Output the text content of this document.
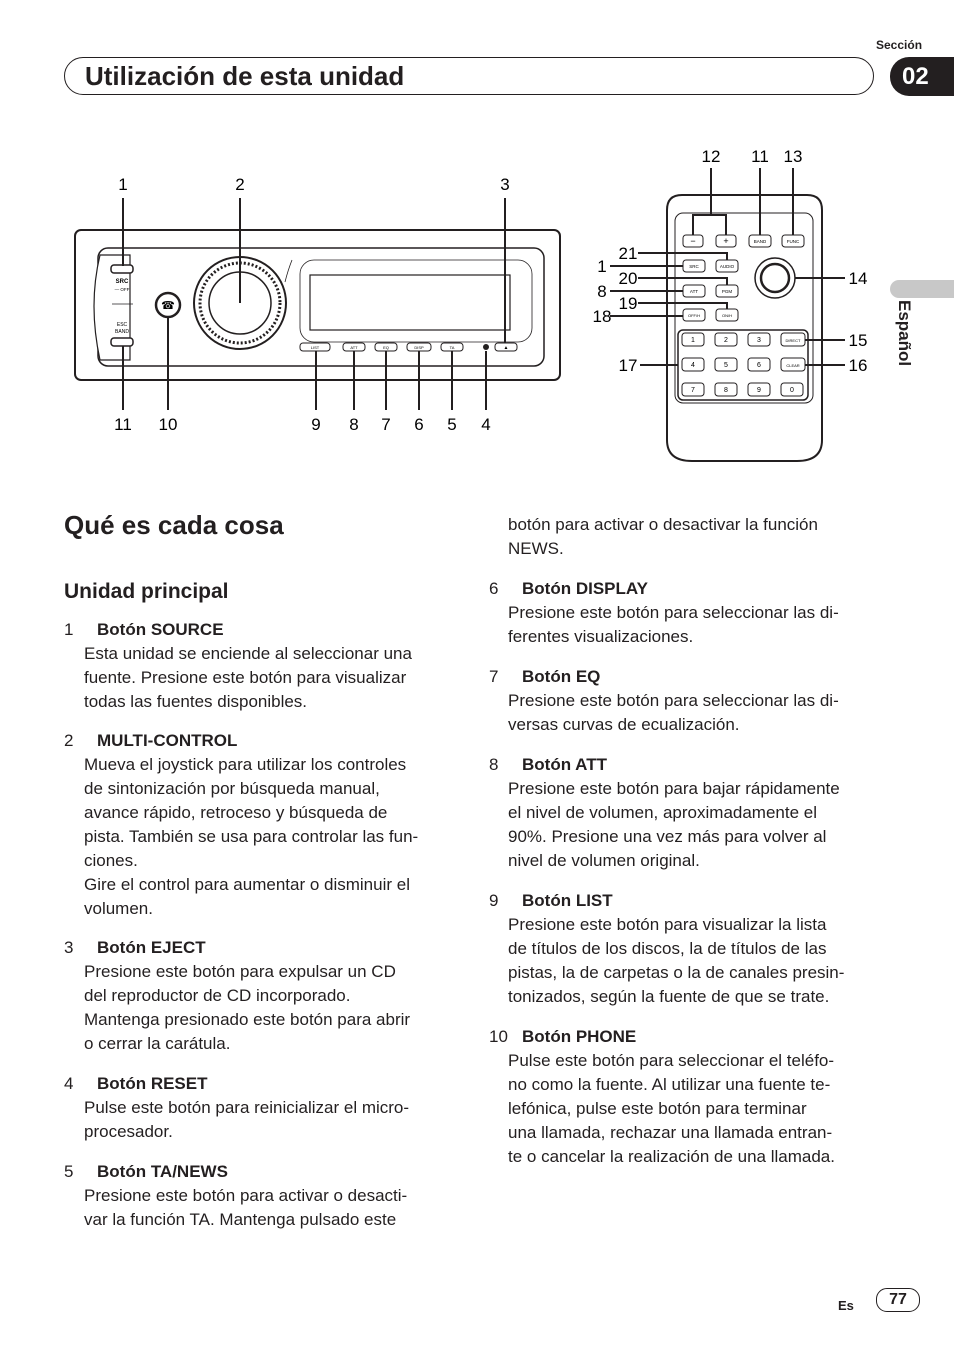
Sección
02
Utilización de esta unidad
Español
SRC
— OFF
ESC
BAND
☎
LIST	ATT	EQ	DISP	TA	▲
1	2	3
11 10	9 8 7 6 5 4
−	+	BAND	FUNC
SRC	AUDIO
ATT	PGM
OFF/H	ON/H
1	2	3
4	5	6
7	8	9	0
DIRECT
CLEAR
12 11 13
21
1
20
8
19
18
14
15
16
17
Qué es cada cosa
Unidad principal
1 Botón SOURCE
Esta unidad se enciende al seleccionar una
fuente. Presione este botón para visualizar
todas las fuentes disponibles.
2 MULTI-CONTROL
Mueva el joystick para utilizar los controles
de sintonización por búsqueda manual,
avance rápido, retroceso y búsqueda de
pista. También se usa para controlar las fun-
ciones.
Gire el control para aumentar o disminuir el
volumen.
3 Botón EJECT
Presione este botón para expulsar un CD
del reproductor de CD incorporado.
Mantenga presionado este botón para abrir
o cerrar la carátula.
4 Botón RESET
Pulse este botón para reinicializar el micro-
procesador.
5 Botón TA/NEWS
Presione este botón para activar o desacti-
var la función TA. Mantenga pulsado este
botón para activar o desactivar la función
NEWS.
6 Botón DISPLAY
Presione este botón para seleccionar las di-
ferentes visualizaciones.
7 Botón EQ
Presione este botón para seleccionar las di-
versas curvas de ecualización.
8 Botón ATT
Presione este botón para bajar rápidamente
el nivel de volumen, aproximadamente el
90%. Presione una vez más para volver al
nivel de volumen original.
9 Botón LIST
Presione este botón para visualizar la lista
de títulos de los discos, la de títulos de las
pistas, la de carpetas o la de canales presin-
tonizados, según la fuente de que se trate.
10 Botón PHONE
Pulse este botón para seleccionar el teléfo-
no como la fuente. Al utilizar una fuente te-
lefónica, pulse este botón para terminar
una llamada, rechazar una llamada entran-
te o cancelar la realización de una llamada.
Es	77
